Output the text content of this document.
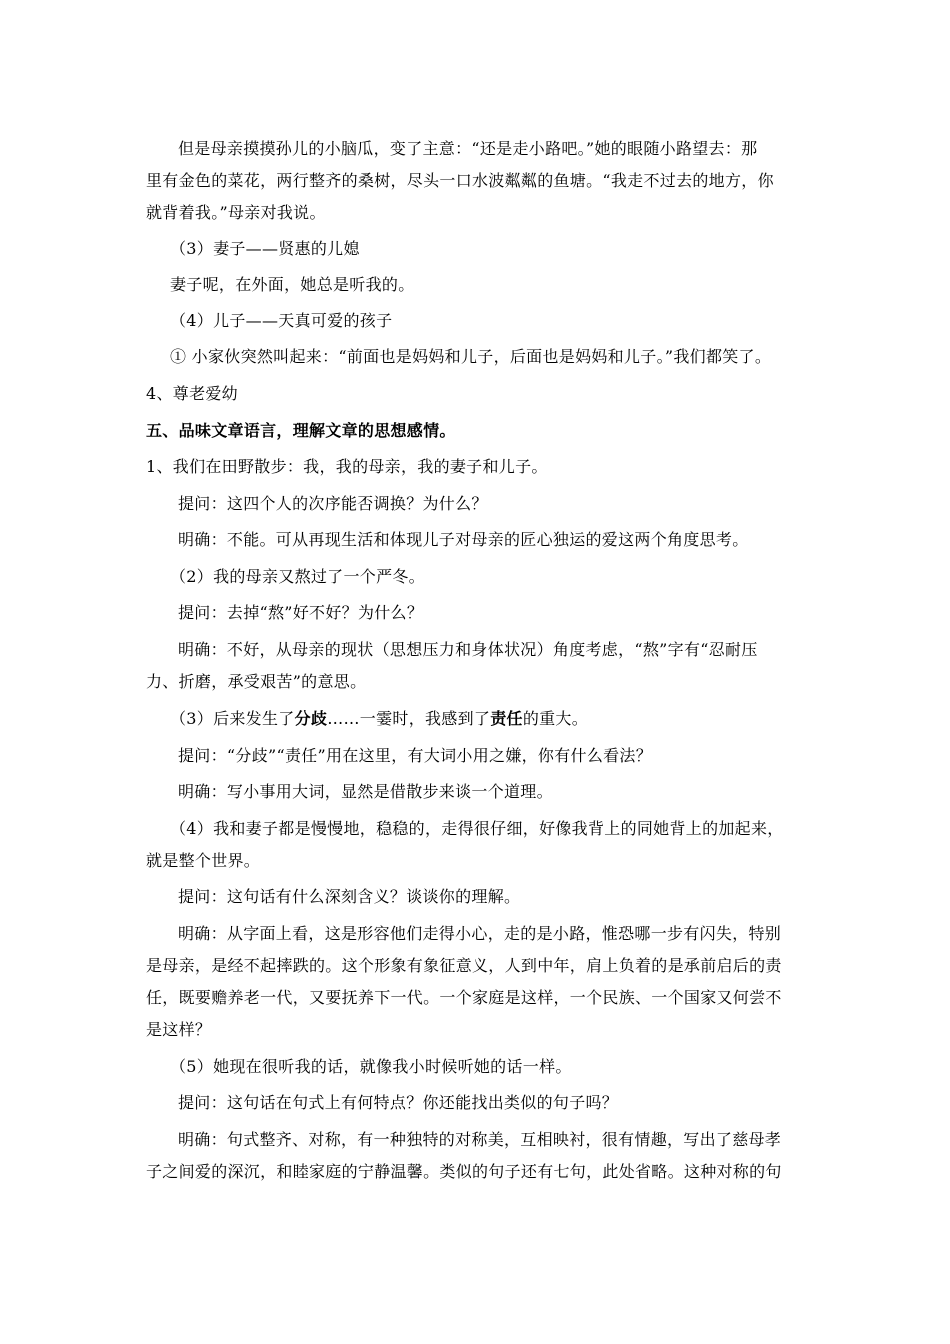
但是母亲摸摸孙儿的小脑瓜，变了主意：“还是走小路吧。”她的眼随小路望去：那
里有金色的菜花，两行整齐的桑树，尽头一口水波粼粼的鱼塘。“我走不过去的地方，你
就背着我。”母亲对我说。
（3）妻子——贤惠的儿媳
妻子呢，在外面，她总是听我的。
（4）儿子——天真可爱的孩子
① 小家伙突然叫起来：“前面也是妈妈和儿子，后面也是妈妈和儿子。”我们都笑了。
4、尊老爱幼
五、品味文章语言，理解文章的思想感情。
1、我们在田野散步：我，我的母亲，我的妻子和儿子。
提问：这四个人的次序能否调换？为什么？
明确：不能。可从再现生活和体现儿子对母亲的匠心独运的爱这两个角度思考。
（2）我的母亲又熬过了一个严冬。
提问：去掉“熬”好不好？为什么？
明确：不好，从母亲的现状（思想压力和身体状况）角度考虑，“熬”字有“忍耐压
力、折磨，承受艰苦”的意思。
（3）后来发生了分歧……一霎时，我感到了责任的重大。
提问：“分歧”“责任”用在这里，有大词小用之嫌，你有什么看法？
明确：写小事用大词，显然是借散步来谈一个道理。
（4）我和妻子都是慢慢地，稳稳的，走得很仔细，好像我背上的同她背上的加起来，
就是整个世界。
提问：这句话有什么深刻含义？谈谈你的理解。
明确：从字面上看，这是形容他们走得小心，走的是小路，惟恐哪一步有闪失，特别
是母亲，是经不起摔跌的。这个形象有象征意义，人到中年，肩上负着的是承前启后的责
任，既要赡养老一代，又要抚养下一代。一个家庭是这样，一个民族、一个国家又何尝不
是这样？
（5）她现在很听我的话，就像我小时候听她的话一样。
提问：这句话在句式上有何特点？你还能找出类似的句子吗？
明确：句式整齐、对称，有一种独特的对称美，互相映衬，很有情趣，写出了慈母孝
子之间爱的深沉，和睦家庭的宁静温馨。类似的句子还有七句，此处省略。这种对称的句
